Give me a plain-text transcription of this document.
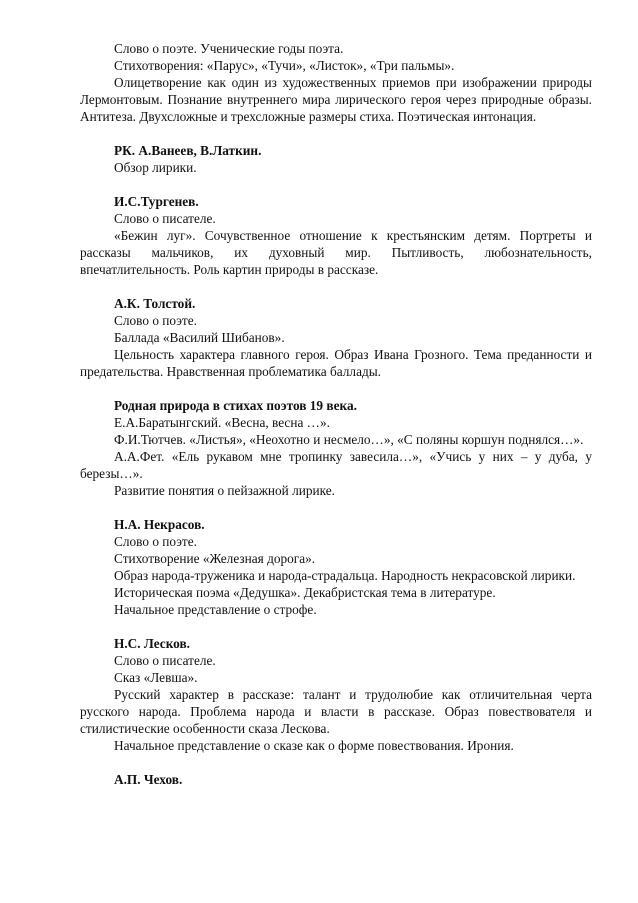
Слово о поэте. Ученические годы поэта.

Стихотворения: «Парус», «Тучи», «Листок», «Три пальмы».

Олицетворение как один из художественных приемов при изображении природы Лермонтовым. Познание внутреннего мира лирического героя через природные образы. Антитеза. Двухсложные и трехсложные размеры стиха. Поэтическая интонация.

РК. А.Ванеев, В.Латкин.

Обзор лирики.

И.С.Тургенев.

Слово о писателе.

«Бежин луг». Сочувственное отношение к крестьянским детям. Портреты и рассказы мальчиков, их духовный мир. Пытливость, любознательность, впечатлительность. Роль картин природы в рассказе.

А.К. Толстой.

Слово о поэте.

Баллада «Василий Шибанов».

Цельность характера главного героя. Образ Ивана Грозного. Тема преданности и предательства. Нравственная проблематика баллады.

Родная природа в стихах поэтов 19 века.

Е.А.Баратынгский. «Весна, весна …».

Ф.И.Тютчев. «Листья», «Неохотно и несмело…», «С поляны коршун поднялся…».

А.А.Фет. «Ель рукавом мне тропинку завесила…», «Учись у них – у дуба, у березы…».

Развитие понятия о пейзажной лирике.

Н.А. Некрасов.

Слово о поэте.

Стихотворение «Железная дорога».

Образ народа-труженика и народа-страдальца. Народность некрасовской лирики.

Историческая поэма «Дедушка». Декабристская тема в литературе.

Начальное представление о строфе.

Н.С. Лесков.

Слово о писателе.

Сказ «Левша».

Русский характер в рассказе: талант и трудолюбие как отличительная черта русского народа. Проблема народа и власти в рассказе. Образ повествователя и стилистические особенности сказа Лескова.

Начальное представление о сказе как о форме повествования. Ирония.

А.П. Чехов.
